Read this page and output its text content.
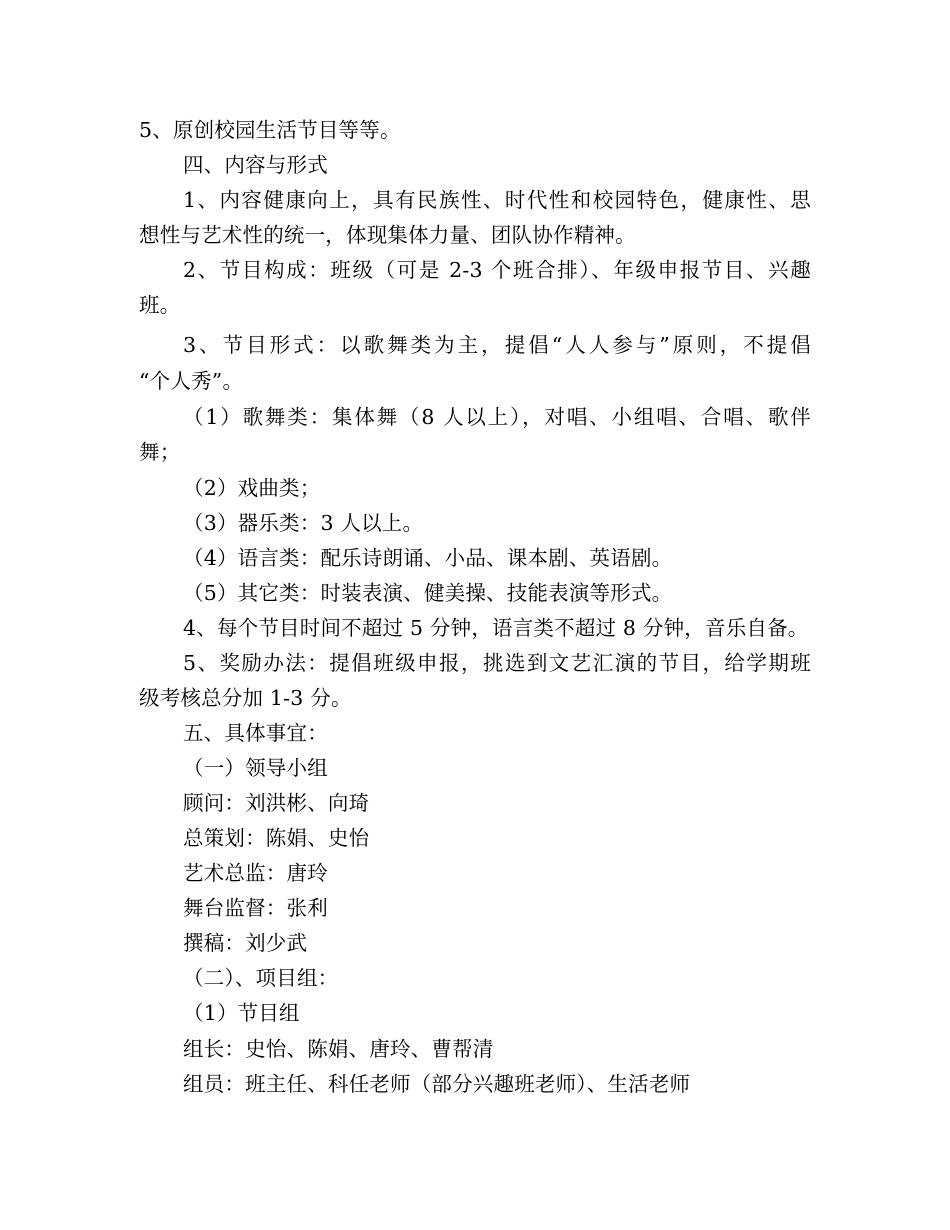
5、原创校园生活节目等等。
四、内容与形式
1、内容健康向上，具有民族性、时代性和校园特色，健康性、思
想性与艺术性的统一，体现集体力量、团队协作精神。
2、节目构成：班级（可是 2-3 个班合排）、年级申报节目、兴趣
班。
3、节目形式：以歌舞类为主，提倡“人人参与”原则，不提倡
“个人秀”。
（1）歌舞类：集体舞（8 人以上），对唱、小组唱、合唱、歌伴
舞；
（2）戏曲类；
（3）器乐类：3 人以上。
（4）语言类：配乐诗朗诵、小品、课本剧、英语剧。
（5）其它类：时装表演、健美操、技能表演等形式。
4、每个节目时间不超过 5 分钟，语言类不超过 8 分钟，音乐自备。
5、奖励办法：提倡班级申报，挑选到文艺汇演的节目，给学期班
级考核总分加 1-3 分。
五、具体事宜：
（一）领导小组
顾问：刘洪彬、向琦
总策划：陈娟、史怡
艺术总监：唐玲
舞台监督：张利
撰稿：刘少武
（二）、项目组：
（1）节目组
组长：史怡、陈娟、唐玲、曹帮清
组员：班主任、科任老师（部分兴趣班老师）、生活老师
